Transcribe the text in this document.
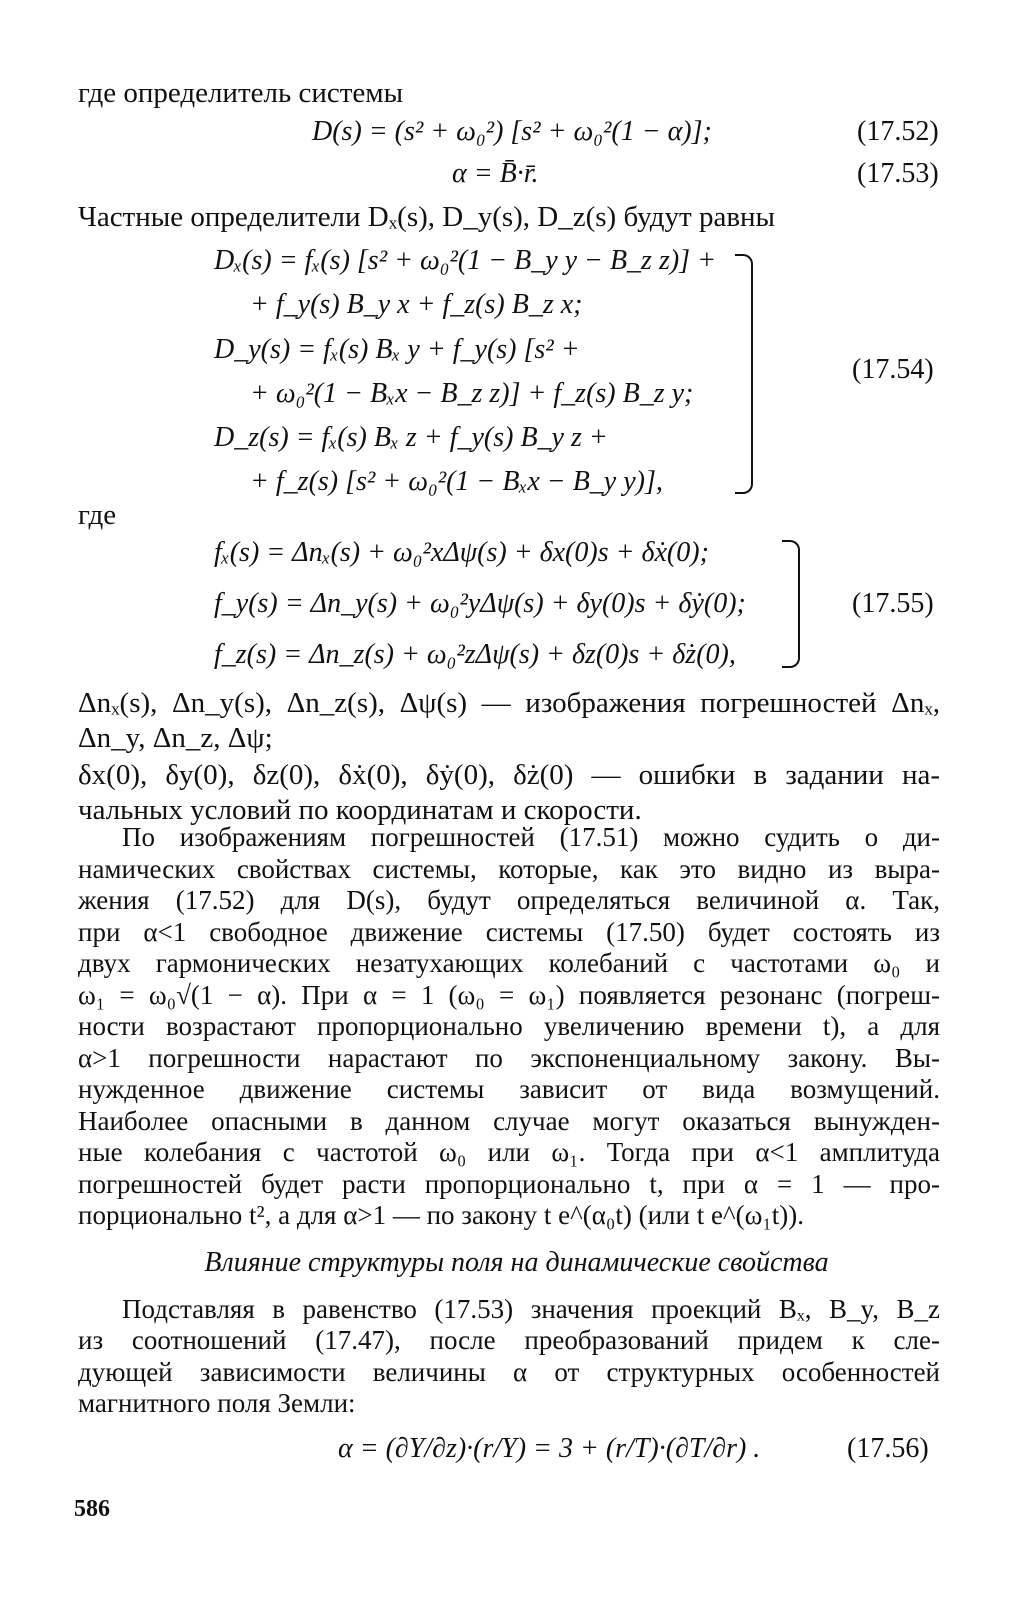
где определитель системы
D(s) = (s² + ω₀²) [s² + ω₀²(1 − α)];	(17.52)
α = B̄·r̄.	(17.53)
Частные определители Dₓ(s), D_y(s), D_z(s) будут равны
Dₓ(s) = fₓ(s) [s² + ω₀²(1 − B_y y − B_z z)] +
+ f_y(s) B_y x + f_z(s) B_z x;
D_y(s) = fₓ(s) Bₓ y + f_y(s) [s² +
+ ω₀²(1 − Bₓx − B_z z)] + f_z(s) B_z y;
D_z(s) = fₓ(s) Bₓ z + f_y(s) B_y z +
+ f_z(s) [s² + ω₀²(1 − Bₓx − B_y y)],
(17.54)
где
fₓ(s) = Δnₓ(s) + ω₀²xΔψ(s) + δx(0)s + δẋ(0);
f_y(s) = Δn_y(s) + ω₀²yΔψ(s) + δy(0)s + δẏ(0);
f_z(s) = Δn_z(s) + ω₀²zΔψ(s) + δz(0)s + δż(0),
(17.55)
Δnₓ(s), Δn_y(s), Δn_z(s), Δψ(s) — изображения погрешностей Δnₓ,
Δn_y, Δn_z, Δψ;
δx(0), δy(0), δz(0), δẋ(0), δẏ(0), δż(0) — ошибки в задании на-
чальных условий по координатам и скорости.
По изображениям погрешностей (17.51) можно судить о ди-
намических свойствах системы, которые, как это видно из выра-
жения (17.52) для D(s), будут определяться величиной α. Так,
при α<1 свободное движение системы (17.50) будет состоять из
двух гармонических незатухающих колебаний с частотами ω₀ и
ω₁ = ω₀√(1 − α). При α = 1 (ω₀ = ω₁) появляется резонанс (погреш-
ности возрастают пропорционально увеличению времени t), а для
α>1 погрешности нарастают по экспоненциальному закону. Вы-
нужденное движение системы зависит от вида возмущений.
Наиболее опасными в данном случае могут оказаться вынужден-
ные колебания с частотой ω₀ или ω₁. Тогда при α<1 амплитуда
погрешностей будет расти пропорционально t, при α = 1 — про-
порционально t², а для α>1 — по закону t e^(α₀t) (или t e^(ω₁t)).
Влияние структуры поля на динамические свойства
Подставляя в равенство (17.53) значения проекций Bₓ, B_y, B_z
из соотношений (17.47), после преобразований придем к сле-
дующей зависимости величины α от структурных особенностей
магнитного поля Земли:
α = (∂Y/∂z)·(r/Y) = 3 + (r/T)·(∂T/∂r) .	(17.56)
586
